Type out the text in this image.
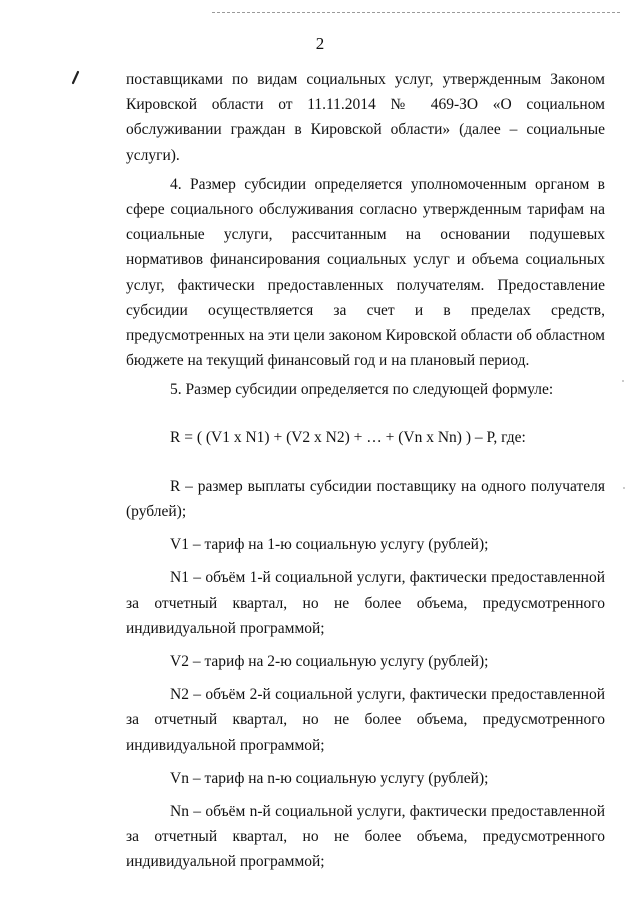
2

поставщиками по видам социальных услуг, утвержденным Законом Кировской области от 11.11.2014 № 469-ЗО «О социальном обслуживании граждан в Кировской области» (далее – социальные услуги).

4. Размер субсидии определяется уполномоченным органом в сфере социального обслуживания согласно утвержденным тарифам на социальные услуги, рассчитанным на основании подушевых нормативов финансирования социальных услуг и объема социальных услуг, фактически предоставленных получателям. Предоставление субсидии осуществляется за счет и в пределах средств, предусмотренных на эти цели законом Кировской области об областном бюджете на текущий финансовый год и на плановый период.

5. Размер субсидии определяется по следующей формуле:

R = ( (V1 x N1) + (V2 x N2) + … + (Vn x Nn) ) – P, где:

R – размер выплаты субсидии поставщику на одного получателя (рублей);

V1 – тариф на 1-ю социальную услугу (рублей);

N1 – объём 1-й социальной услуги, фактически предоставленной за отчетный квартал, но не более объема, предусмотренного индивидуальной программой;

V2 – тариф на 2-ю социальную услугу (рублей);

N2 – объём 2-й социальной услуги, фактически предоставленной за отчетный квартал, но не более объема, предусмотренного индивидуальной программой;

Vn – тариф на n-ю социальную услугу (рублей);

Nn – объём n-й социальной услуги, фактически предоставленной за отчетный квартал, но не более объема, предусмотренного индивидуальной программой;
